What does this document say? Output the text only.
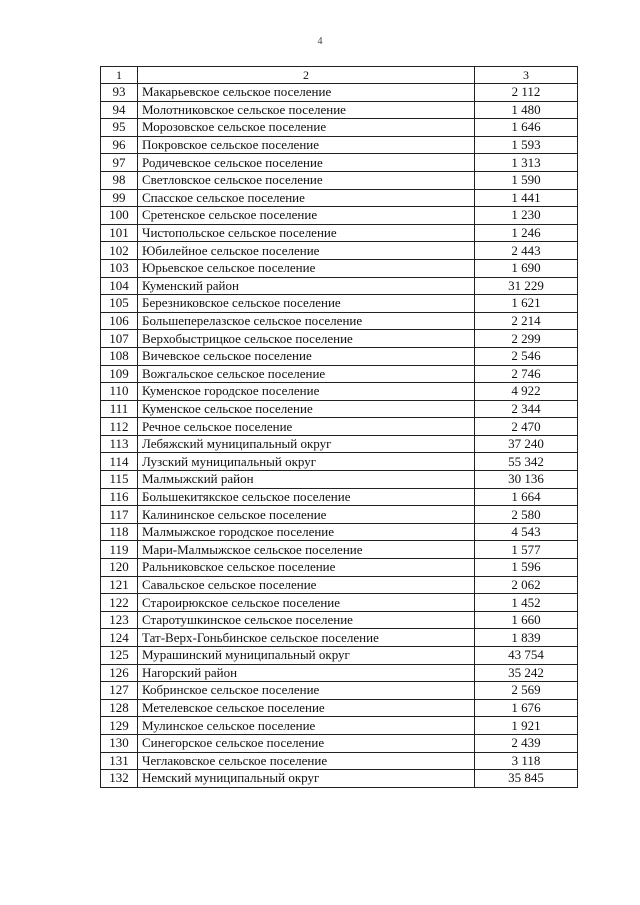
4
1	2	3
93	Макарьевское сельское поселение	2 112
94	Молотниковское сельское поселение	1 480
95	Морозовское сельское поселение	1 646
96	Покровское сельское поселение	1 593
97	Родичевское сельское поселение	1 313
98	Светловское сельское поселение	1 590
99	Спасское сельское поселение	1 441
100	Сретенское сельское поселение	1 230
101	Чистопольское сельское поселение	1 246
102	Юбилейное сельское поселение	2 443
103	Юрьевское сельское поселение	1 690
104	Куменский район	31 229
105	Березниковское сельское поселение	1 621
106	Большеперелазское сельское поселение	2 214
107	Верхобыстрицкое сельское поселение	2 299
108	Вичевское сельское поселение	2 546
109	Вожгальское сельское поселение	2 746
110	Куменское городское поселение	4 922
111	Куменское сельское поселение	2 344
112	Речное сельское поселение	2 470
113	Лебяжский муниципальный округ	37 240
114	Лузский муниципальный округ	55 342
115	Малмыжский район	30 136
116	Большекитякское сельское поселение	1 664
117	Калининское сельское поселение	2 580
118	Малмыжское городское поселение	4 543
119	Мари-Малмыжское сельское поселение	1 577
120	Ральниковское сельское поселение	1 596
121	Савальское сельское поселение	2 062
122	Староирюкское сельское поселение	1 452
123	Старотушкинское сельское поселение	1 660
124	Тат-Верх-Гоньбинское сельское поселение	1 839
125	Мурашинский муниципальный округ	43 754
126	Нагорский район	35 242
127	Кобринское сельское поселение	2 569
128	Метелевское сельское поселение	1 676
129	Мулинское сельское поселение	1 921
130	Синегорское сельское поселение	2 439
131	Чеглаковское сельское поселение	3 118
132	Немский муниципальный округ	35 845
